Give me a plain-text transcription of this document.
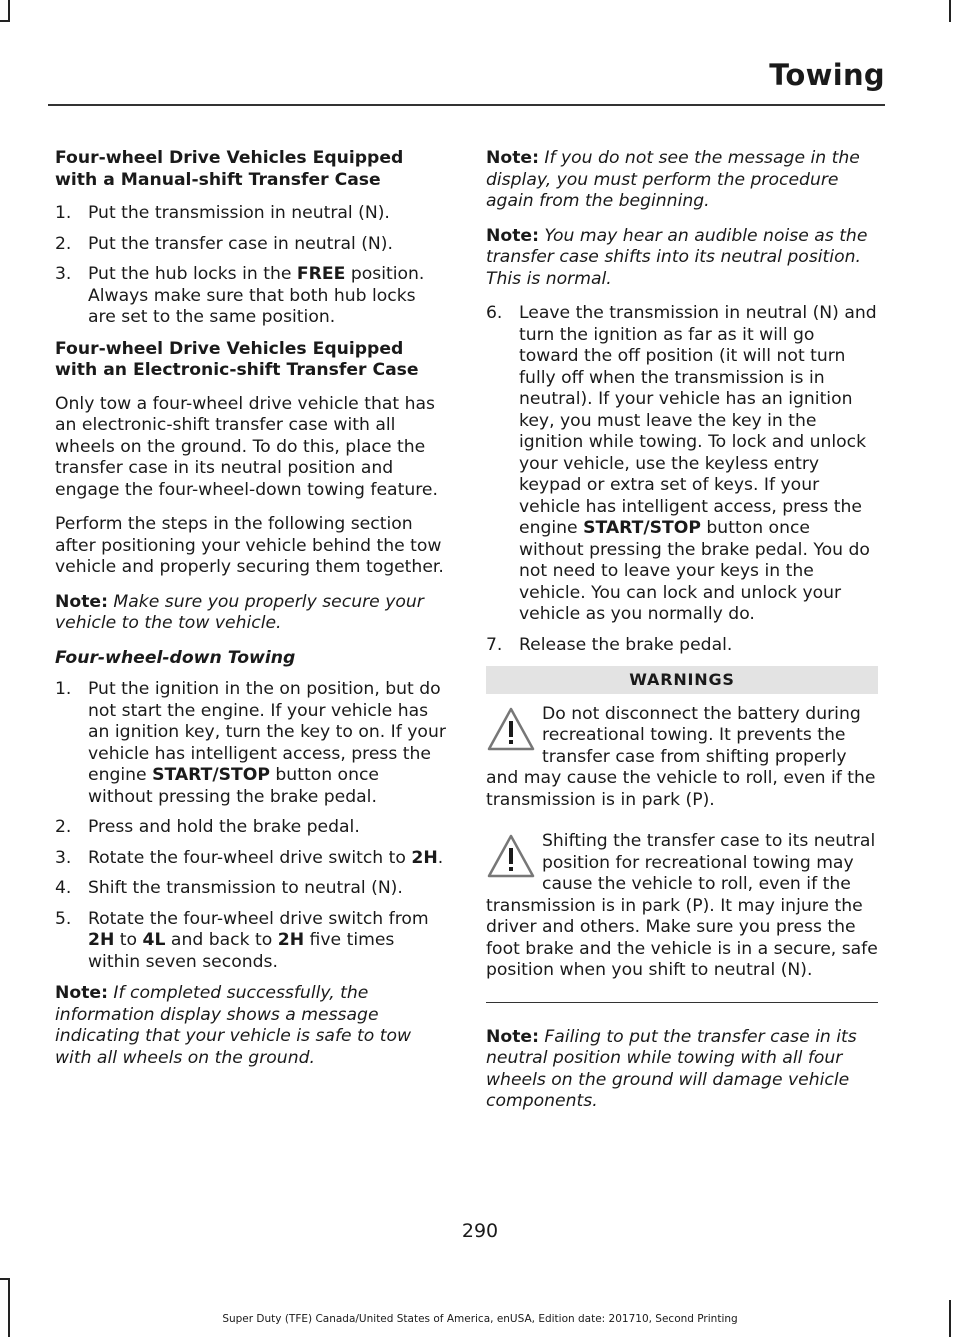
Towing
Four-wheel Drive Vehicles Equipped with a Manual-shift Transfer Case
1. Put the transmission in neutral (N).
2. Put the transfer case in neutral (N).
3. Put the hub locks in the FREE position. Always make sure that both hub locks are set to the same position.
Four-wheel Drive Vehicles Equipped with an Electronic-shift Transfer Case

Only tow a four-wheel drive vehicle that has an electronic-shift transfer case with all wheels on the ground. To do this, place the transfer case in its neutral position and engage the four-wheel-down towing feature.

Perform the steps in the following section after positioning your vehicle behind the tow vehicle and properly securing them together.

Note: Make sure you properly secure your vehicle to the tow vehicle.

Four-wheel-down Towing
1. Put the ignition in the on position, but do not start the engine. If your vehicle has an ignition key, turn the key to on. If your vehicle has intelligent access, press the engine START/STOP button once without pressing the brake pedal.
2. Press and hold the brake pedal.
3. Rotate the four-wheel drive switch to 2H.
4. Shift the transmission to neutral (N).
5. Rotate the four-wheel drive switch from 2H to 4L and back to 2H five times within seven seconds.

Note: If completed successfully, the information display shows a message indicating that your vehicle is safe to tow with all wheels on the ground.

Note: If you do not see the message in the display, you must perform the procedure again from the beginning.

Note: You may hear an audible noise as the transfer case shifts into its neutral position. This is normal.

6. Leave the transmission in neutral (N) and turn the ignition as far as it will go toward the off position (it will not turn fully off when the transmission is in neutral). If your vehicle has an ignition key, you must leave the key in the ignition while towing. To lock and unlock your vehicle, use the keyless entry keypad or extra set of keys. If your vehicle has intelligent access, press the engine START/STOP button once without pressing the brake pedal. You do not need to leave your keys in the vehicle. You can lock and unlock your vehicle as you normally do.
7. Release the brake pedal.
WARNINGS
Do not disconnect the battery during recreational towing. It prevents the transfer case from shifting properly and may cause the vehicle to roll, even if the transmission is in park (P).
Shifting the transfer case to its neutral position for recreational towing may cause the vehicle to roll, even if the transmission is in park (P). It may injure the driver and others. Make sure you press the foot brake and the vehicle is in a secure, safe position when you shift to neutral (N).

Note: Failing to put the transfer case in its neutral position while towing with all four wheels on the ground will damage vehicle components.

290
Super Duty (TFE) Canada/United States of America, enUSA, Edition date: 201710, Second Printing
